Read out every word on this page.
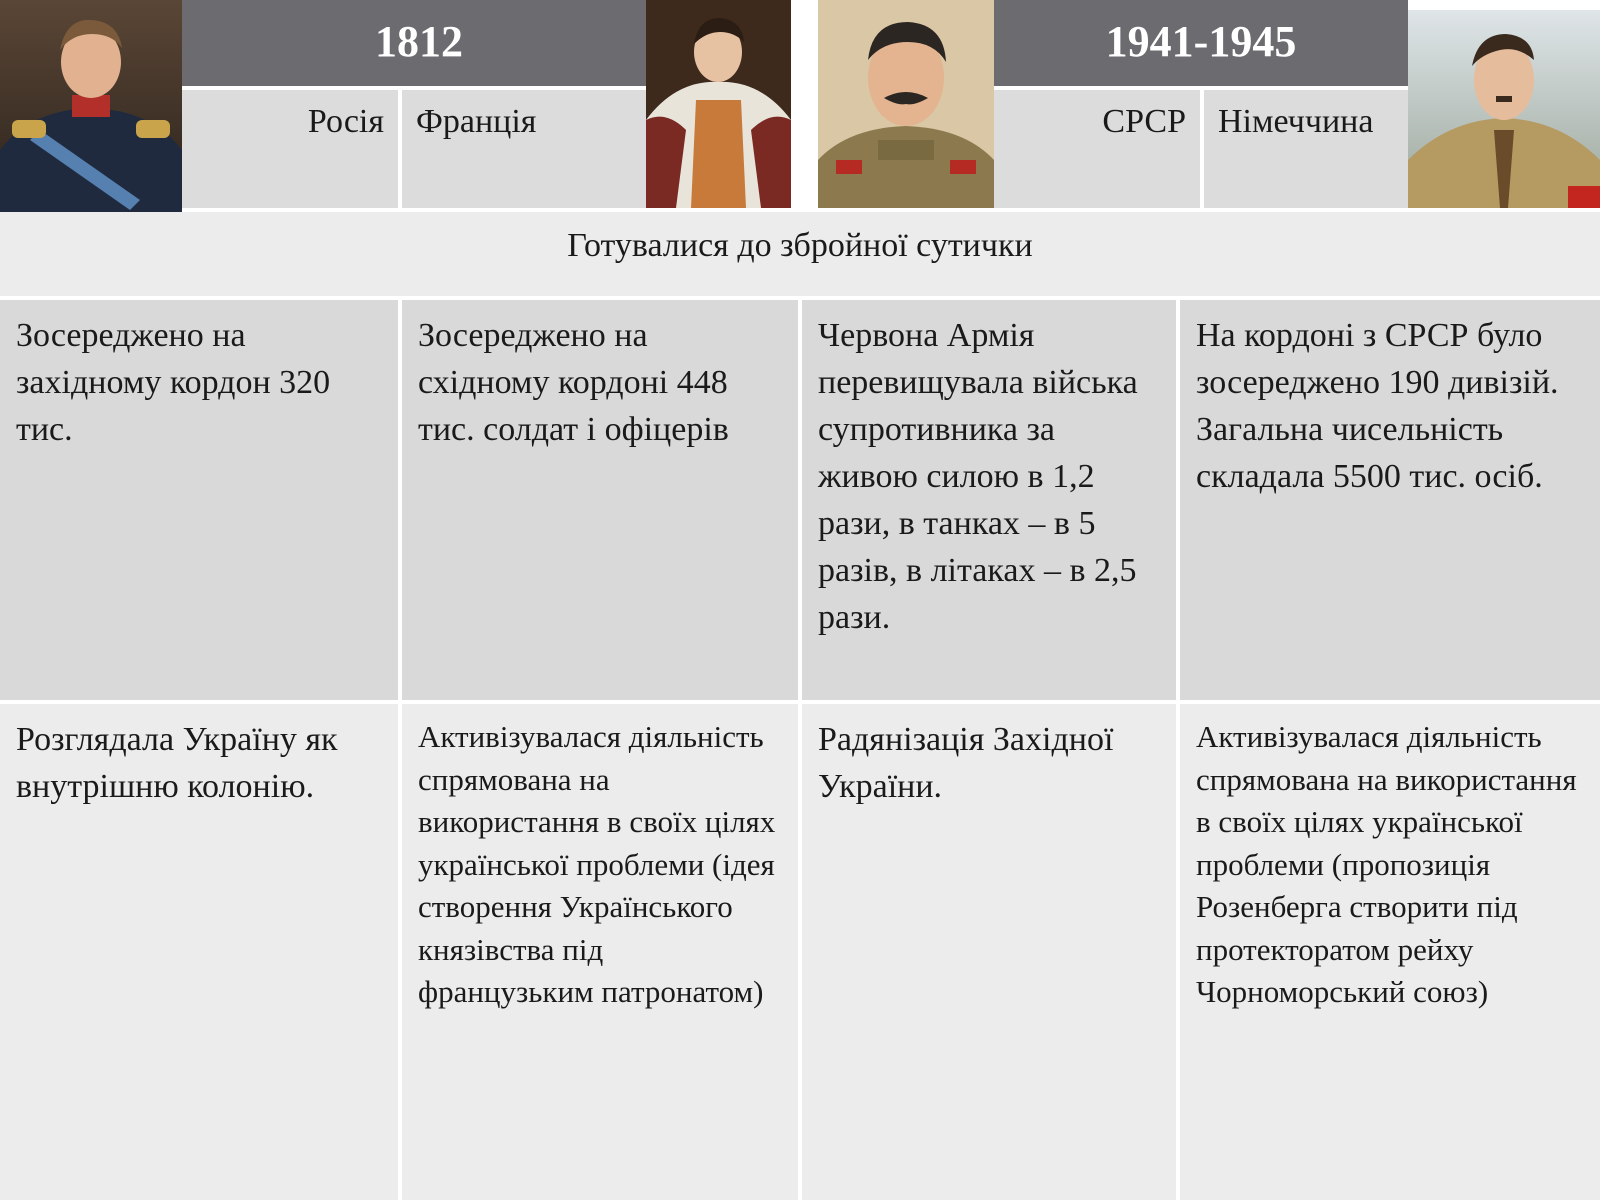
1812
Росія Франція
1941-1945
СРСР Німеччина
Готувалися до збройної сутички
Зосереджено на західному кордон 320 тис.
Зосереджено на східному кордоні 448 тис. солдат і офіцерів
Червона Армія перевищувала війська супротивника за живою силою в 1,2 рази, в танках – в 5 разів, в літаках – в 2,5 рази.
На кордоні з СРСР було зосереджено 190 дивізій. Загальна чисельність складала 5500 тис. осіб.
Розглядала Україну як внутрішню колонію.
Активізувалася діяльність спрямована на використання в своїх цілях української проблеми (ідея створення Українського князівства під французьким патронатом)
Радянізація Західної України.
Активізувалася діяльність спрямована на використання в своїх цілях української проблеми (пропозиція Розенберга створити під протекторатом рейху Чорноморський союз)
